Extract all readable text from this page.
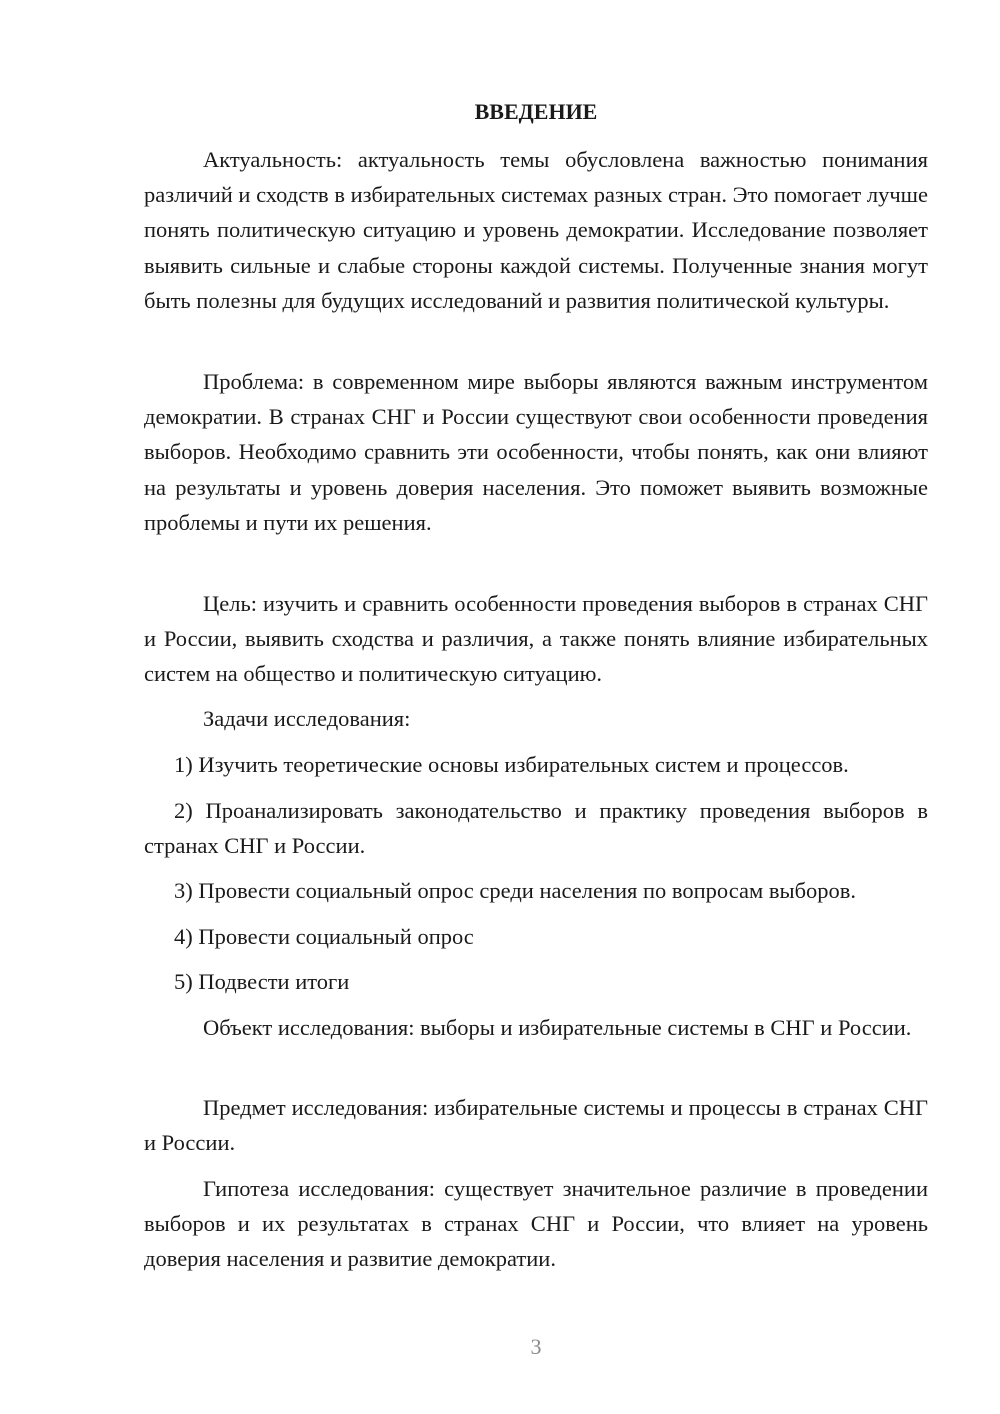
ВВЕДЕНИЕ

Актуальность: актуальность темы обусловлена важностью понимания различий и сходств в избирательных системах разных стран. Это помогает лучше понять политическую ситуацию и уровень демократии. Исследование позволяет выявить сильные и слабые стороны каждой системы. Полученные знания могут быть полезны для будущих исследований и развития политической культуры.

Проблема: в современном мире выборы являются важным инструментом демократии. В странах СНГ и России существуют свои особенности проведения выборов. Необходимо сравнить эти особенности, чтобы понять, как они влияют на результаты и уровень доверия населения. Это поможет выявить возможные проблемы и пути их решения.

Цель: изучить и сравнить особенности проведения выборов в странах СНГ и России, выявить сходства и различия, а также понять влияние избирательных систем на общество и политическую ситуацию.

Задачи исследования:

1) Изучить теоретические основы избирательных систем и процессов.

2) Проанализировать законодательство и практику проведения выборов в странах СНГ и России.

3) Провести социальный опрос среди населения по вопросам выборов.

4) Провести социальный опрос

5) Подвести итоги

Объект исследования: выборы и избирательные системы в СНГ и России.

Предмет исследования: избирательные системы и процессы в странах СНГ и России.

Гипотеза исследования: существует значительное различие в проведении выборов и их результатах в странах СНГ и России, что влияет на уровень доверия населения и развитие демократии.

3
